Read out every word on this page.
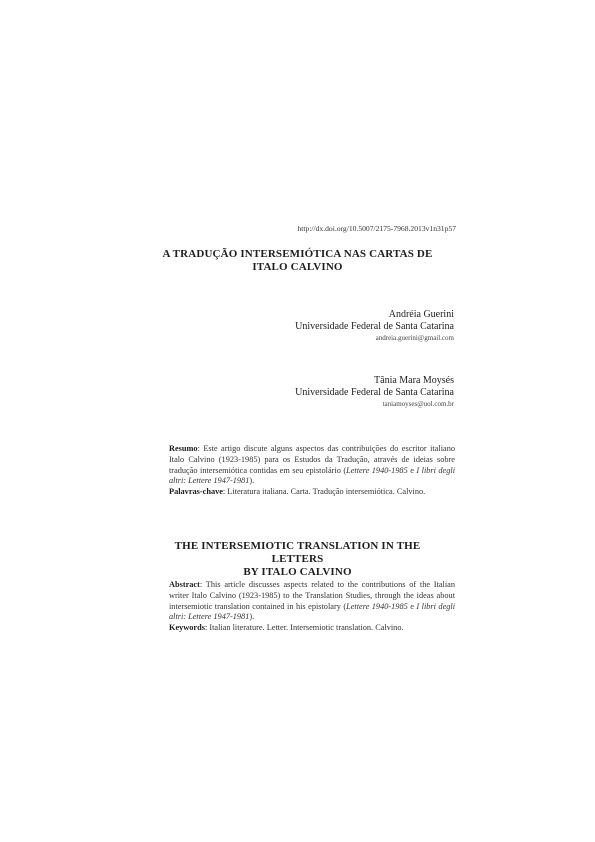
http://dx.doi.org/10.5007/2175-7968.2013v1n31p57
A TRADUÇÃO INTERSEMIÓTICA NAS CARTAS DE
ITALO CALVINO
Andréia Guerini
Universidade Federal de Santa Catarina
andreia.guerini@gmail.com
Tânia Mara Moysés
Universidade Federal de Santa Catarina
taniamoyses@uol.com.br

Resumo: Este artigo discute alguns aspectos das contribuições do escritor italiano Italo Calvino (1923-1985) para os Estudos da Tradução, através de ideias sobre tradução intersemiótica contidas em seu epistolário (Lettere 1940-1985 e I libri degli altri: Lettere 1947-1981).

Palavras-chave: Literatura italiana. Carta. Tradução intersemiótica. Calvino.

THE INTERSEMIOTIC TRANSLATION IN THE LETTERS
BY ITALO CALVINO

Abstract: This article discusses aspects related to the contributions of the Italian writer Italo Calvino (1923-1985) to the Translation Studies, through the ideas about intersemiotic translation contained in his epistolary (Lettere 1940-1985 e I libri degli altri: Lettere 1947-1981).

Keywords: Italian literature. Letter. Intersemiotic translation. Calvino.
